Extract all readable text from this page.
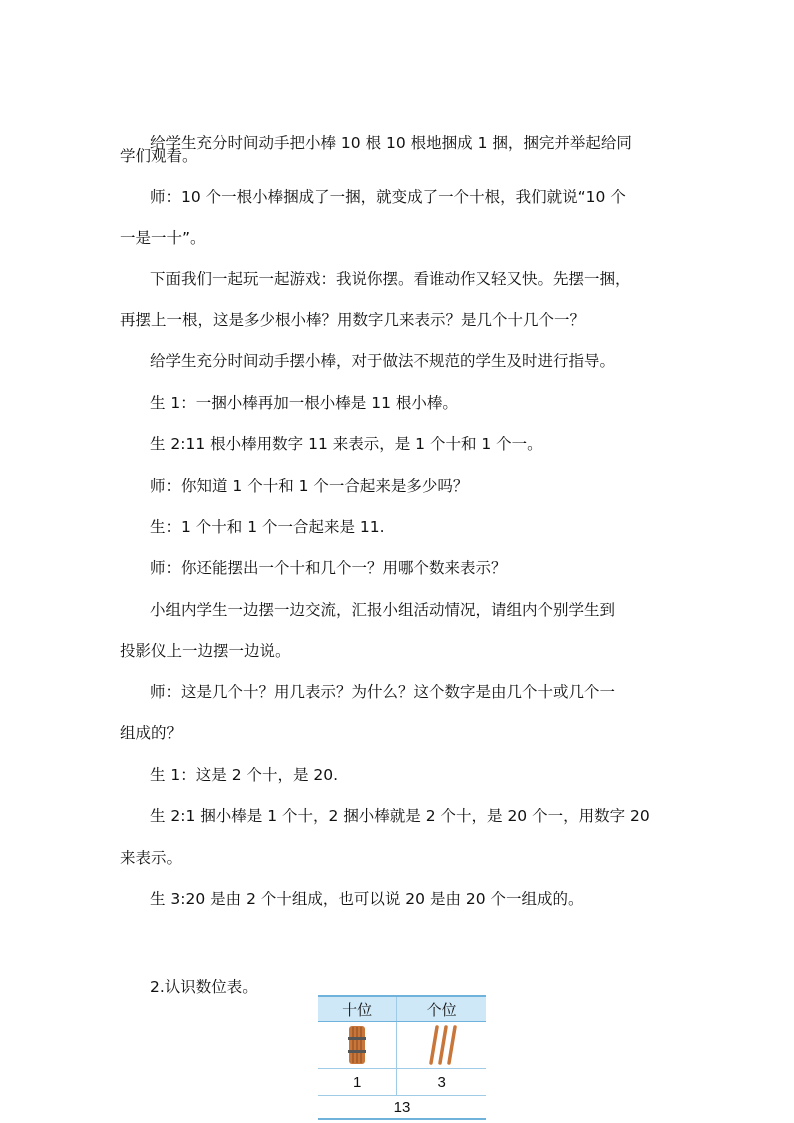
给学生充分时间动手把小棒 10 根 10 根地捆成 1 捆，捆完并举起给同

学们观看。

师：10 个一根小棒捆成了一捆，就变成了一个十根，我们就说“10 个

一是一十”。

下面我们一起玩一起游戏：我说你摆。看谁动作又轻又快。先摆一捆，

再摆上一根，这是多少根小棒？用数字几来表示？是几个十几个一？

给学生充分时间动手摆小棒，对于做法不规范的学生及时进行指导。

生 1：一捆小棒再加一根小棒是 11 根小棒。

生 2:11 根小棒用数字 11 来表示，是 1 个十和 1 个一。

师：你知道 1 个十和 1 个一合起来是多少吗？

生：1 个十和 1 个一合起来是 11.

师：你还能摆出一个十和几个一？用哪个数来表示？

小组内学生一边摆一边交流，汇报小组活动情况，请组内个别学生到

投影仪上一边摆一边说。

师：这是几个十？用几表示？为什么？这个数字是由几个十或几个一

组成的？

生 1：这是 2 个十，是 20.

生 2:1 捆小棒是 1 个十，2 捆小棒就是 2 个十，是 20 个一，用数字 20

来表示。

生 3:20 是由 2 个十组成，也可以说 20 是由 20 个一组成的。

2.认识数位表。
十位	个位

1	3
13	
